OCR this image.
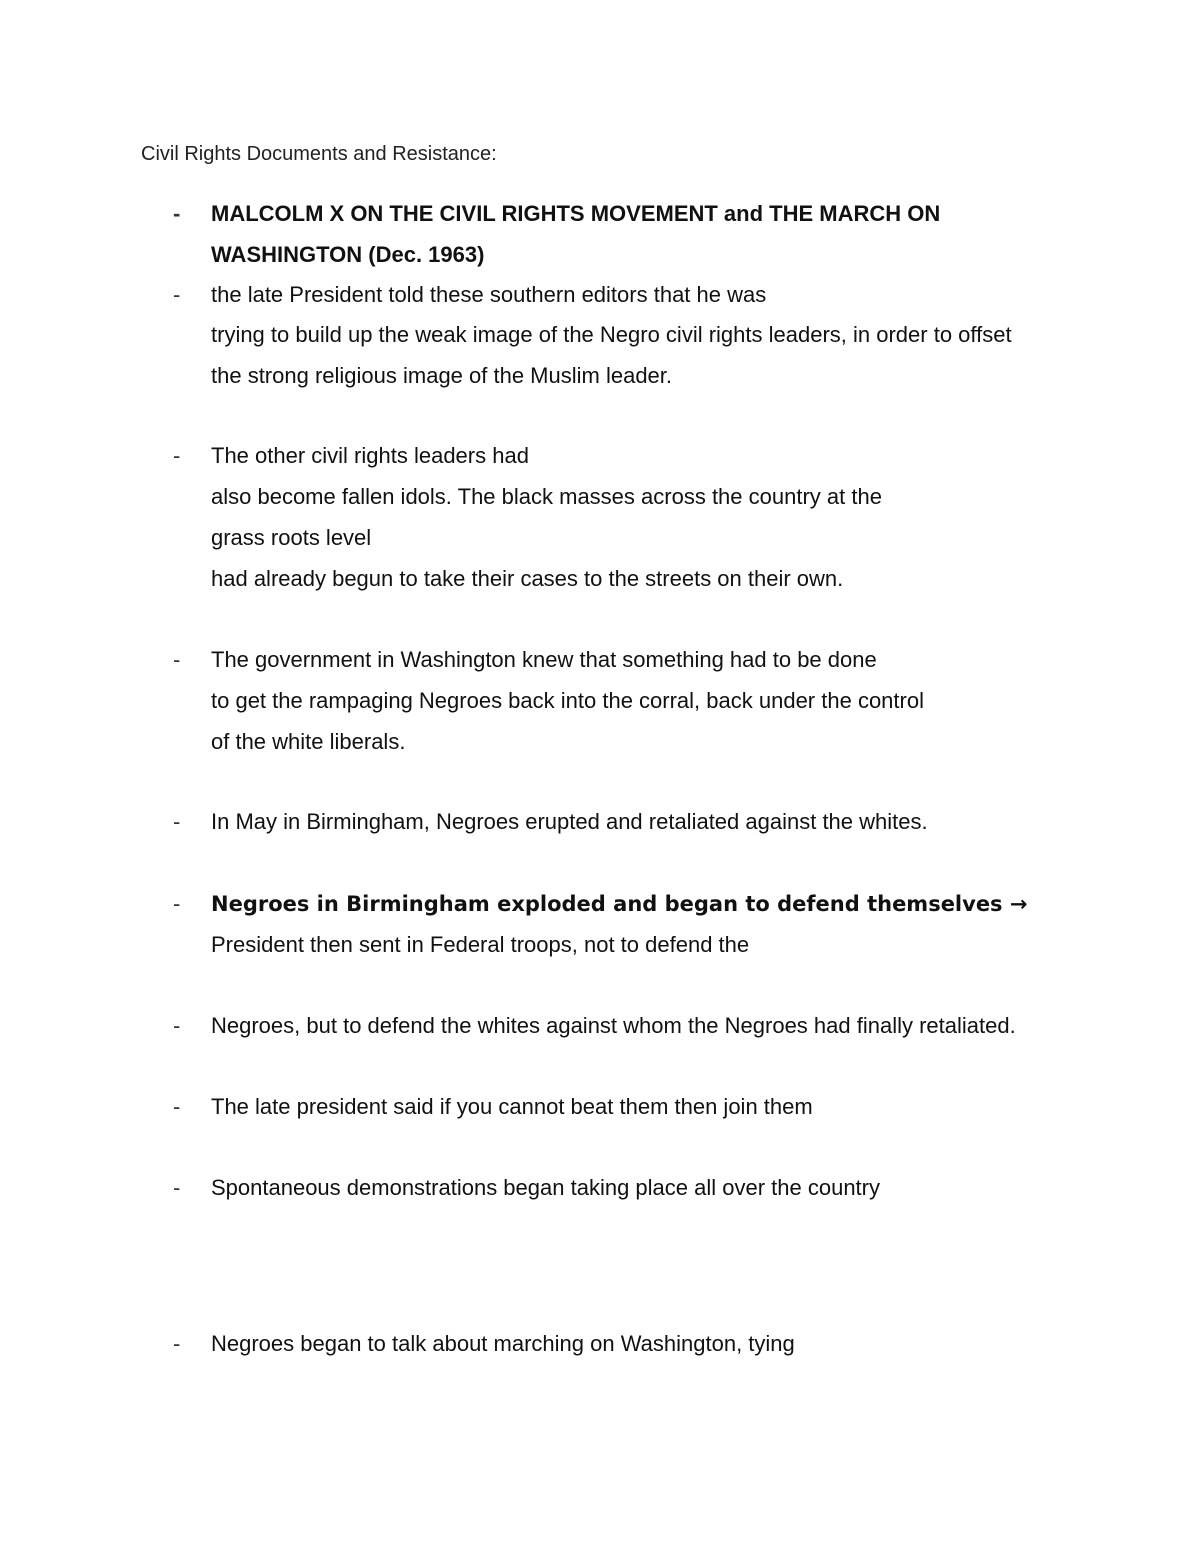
Civil Rights Documents and Resistance:
- MALCOLM X ON THE CIVIL RIGHTS MOVEMENT and THE MARCH ON
WASHINGTON (Dec. 1963)
- the late President told these southern editors that he was
trying to build up the weak image of the Negro civil rights leaders, in order to offset
the strong religious image of the Muslim leader.
- The other civil rights leaders had
also become fallen idols. The black masses across the country at the
grass roots level
had already begun to take their cases to the streets on their own.
- The government in Washington knew that something had to be done
to get the rampaging Negroes back into the corral, back under the control
of the white liberals.
- In May in Birmingham, Negroes erupted and retaliated against the whites.
- Negroes in Birmingham exploded and began to defend themselves →
President then sent in Federal troops, not to defend the
- Negroes, but to defend the whites against whom the Negroes had finally retaliated.
- The late president said if you cannot beat them then join them
- Spontaneous demonstrations began taking place all over the country
- Negroes began to talk about marching on Washington, tying
